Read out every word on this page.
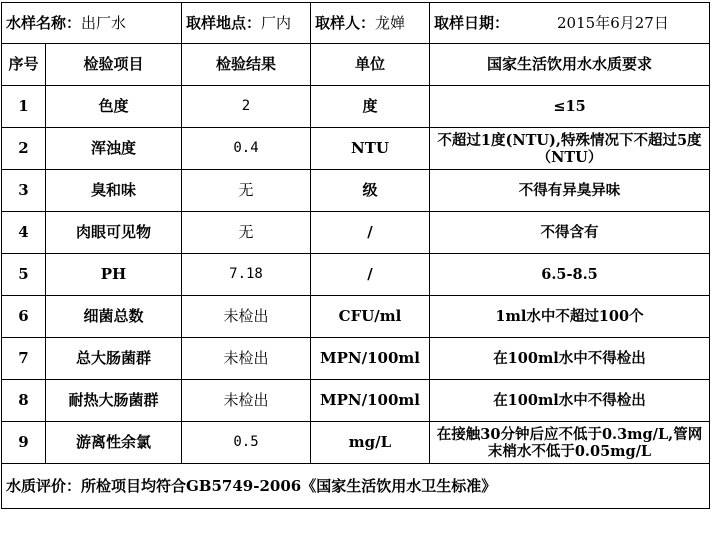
水样名称：出厂水		取样地点：厂内	取样人：龙婵	取样日期： 2015年6月27日
序号	检验项目	检验结果	单位	国家生活饮用水水质要求
1	色度	2	度	≤15
2	浑浊度	0.4	NTU	不超过1度(NTU),特殊情况下不超过5度（NTU）
3	臭和味	无	级	不得有异臭异味
4	肉眼可见物	无	/	不得含有
5	PH	7.18	/	6.5-8.5
6	细菌总数	未检出	CFU/ml	1ml水中不超过100个
7	总大肠菌群	未检出	MPN/100ml	在100ml水中不得检出
8	耐热大肠菌群	未检出	MPN/100ml	在100ml水中不得检出
9	游离性余氯	0.5	mg/L	在接触30分钟后应不低于0.3mg/L,管网末梢水不低于0.05mg/L
水质评价：所检项目均符合GB5749-2006《国家生活饮用水卫生标准》				
